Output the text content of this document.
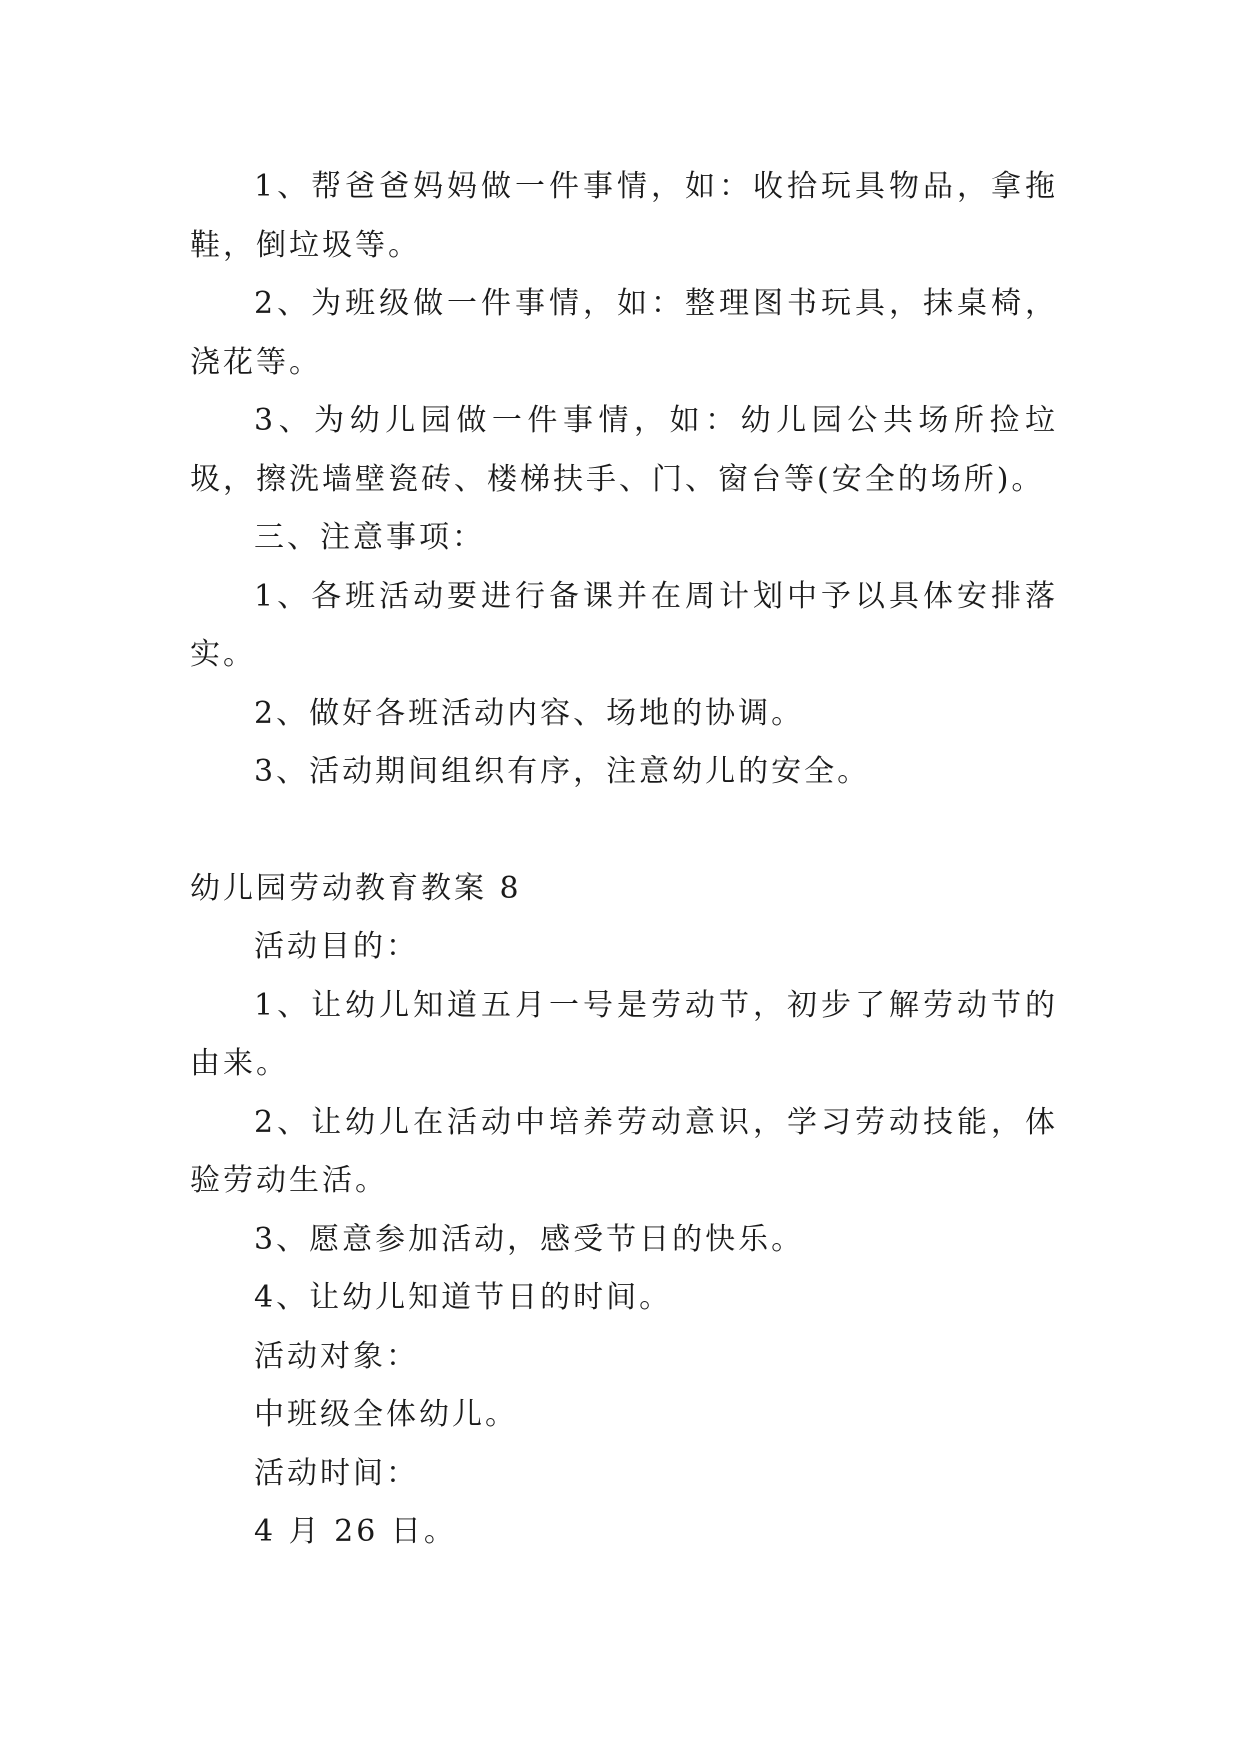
1、帮爸爸妈妈做一件事情，如：收拾玩具物品，拿拖鞋，倒垃圾等。

2、为班级做一件事情，如：整理图书玩具，抹桌椅，浇花等。

3、为幼儿园做一件事情，如：幼儿园公共场所捡垃圾，擦洗墙壁瓷砖、楼梯扶手、门、窗台等(安全的场所)。

三、注意事项：

1、各班活动要进行备课并在周计划中予以具体安排落实。

2、做好各班活动内容、场地的协调。

3、活动期间组织有序，注意幼儿的安全。

幼儿园劳动教育教案 8

活动目的：

1、让幼儿知道五月一号是劳动节，初步了解劳动节的由来。

2、让幼儿在活动中培养劳动意识，学习劳动技能，体验劳动生活。

3、愿意参加活动，感受节日的快乐。

4、让幼儿知道节日的时间。

活动对象：

中班级全体幼儿。

活动时间：

4 月 26 日。
